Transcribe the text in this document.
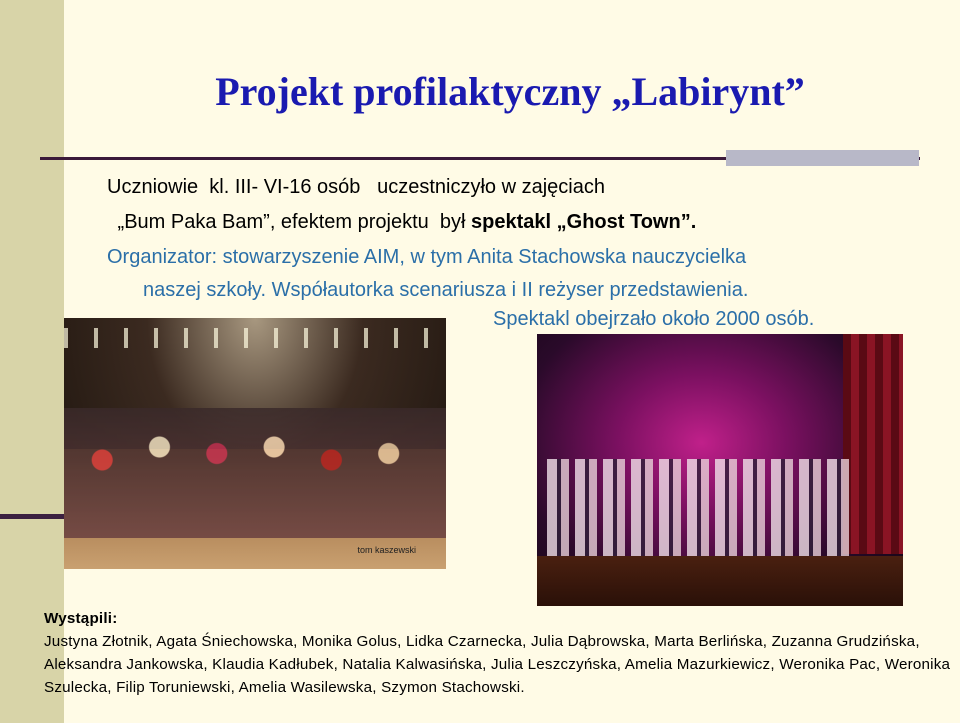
Projekt profilaktyczny „Labirynt”
Uczniowie  kl. III- VI-16 osób   uczestniczyło w zajęciach
„Bum Paka Bam”, efektem projektu  był spektakl „Ghost Town”.
Organizator: stowarzyszenie AIM, w tym Anita Stachowska nauczycielka
naszej szkoły. Współautorka scenariusza i II reżyser przedstawienia.
Spektakl obejrzało około 2000 osób.
tom kaszewski
Wystąpili:
Justyna Złotnik, Agata Śniechowska, Monika Golus, Lidka Czarnecka, Julia Dąbrowska, Marta Berlińska, Zuzanna Grudzińska, Aleksandra Jankowska, Klaudia Kadłubek, Natalia Kalwasińska, Julia Leszczyńska, Amelia Mazurkiewicz, Weronika Pac, Weronika Szulecka, Filip Toruniewski, Amelia Wasilewska, Szymon Stachowski.
